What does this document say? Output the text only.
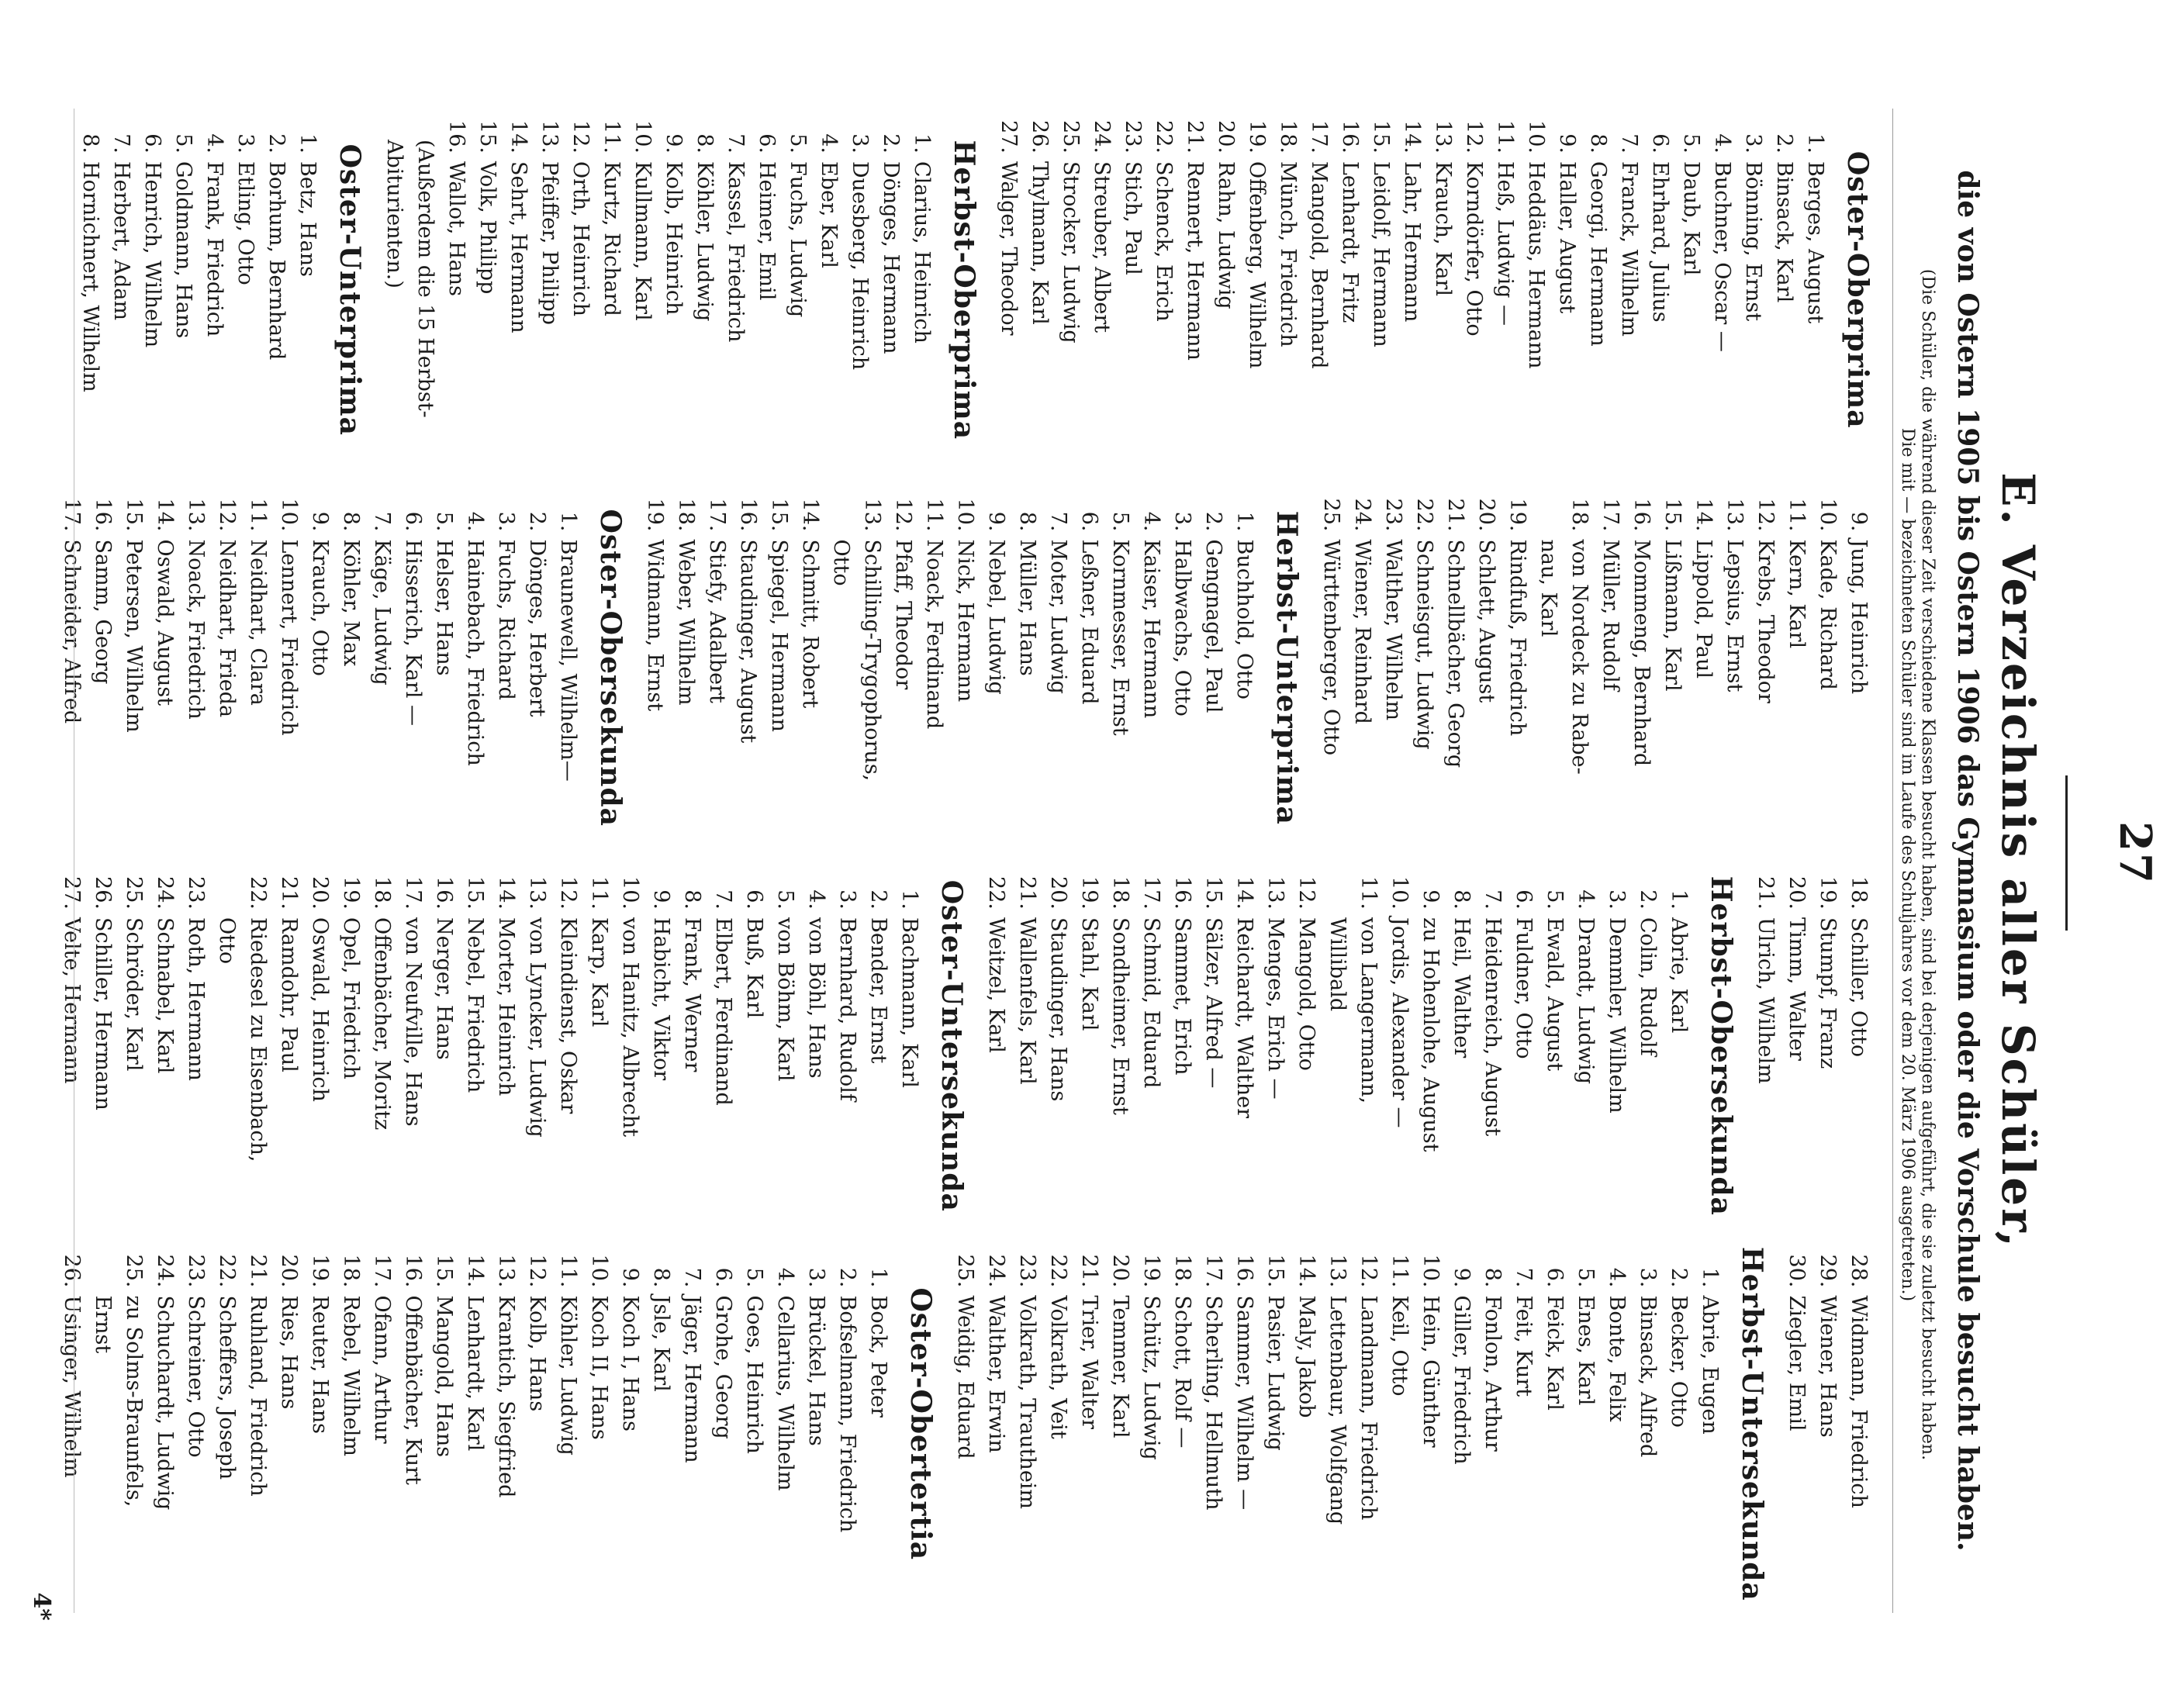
27
E. Verzeichnis aller Schüler,
die von Ostern 1905 bis Ostern 1906 das Gymnasium oder die Vorschule besucht haben.
(Die Schüler, die während dieser Zeit verschiedene Klassen besucht haben, sind bei derjenigen aufgeführt, die sie zuletzt besucht haben.
Die mit — bezeichneten Schüler sind im Laufe des Schuljahres vor dem 20. März 1906 ausgetreten.)
Oster-Oberprima
1.
Berges, August
2.
Binsack, Karl
3.
Bönning, Ernst
4.
Buchner, Oscar —
5.
Daub, Karl
6.
Ehrhard, Julius
7.
Franck, Wilhelm
8.
Georgi, Hermann
9.
Haller, August
10.
Heddäus, Hermann
11.
Heß, Ludwig —
12.
Korndörfer, Otto
13.
Krauch, Karl
14.
Lahr, Hermann
15.
Leidolf, Hermann
16.
Lenhardt, Fritz
17.
Mangold, Bernhard
18.
Münch, Friedrich
19.
Offenberg, Wilhelm
20.
Rahn, Ludwig
21.
Rennert, Hermann
22.
Schenck, Erich
23.
Stich, Paul
24.
Streuber, Albert
25.
Strocker, Ludwig
26.
Thylmann, Karl
27.
Walger, Theodor
Herbst-Oberprima
1.
Clarius, Heinrich
2.
Dönges, Hermann
3.
Duesberg, Heinrich
4.
Eber, Karl
5.
Fuchs, Ludwig
6.
Heimer, Emil
7.
Kassel, Friedrich
8.
Köhler, Ludwig
9.
Kolb, Heinrich
10.
Kullmann, Karl
11.
Kurtz, Richard
12.
Orth, Heinrich
13.
Pfeiffer, Philipp
14.
Sehrt, Hermann
15.
Volk, Philipp
16.
Wallot, Hans
(Außerdem die 15 Herbst-
Abiturienten.)
Oster-Unterprima
1.
Betz, Hans
2.
Borhum, Bernhard
3.
Etling, Otto
4.
Frank, Friedrich
5.
Goldmann, Hans
6.
Henrich, Wilhelm
7.
Herbert, Adam
8.
Hornichnert, Wilhelm
9.
Jung, Heinrich
10.
Kade, Richard
11.
Kern, Karl
12.
Krebs, Theodor
13.
Lepsius, Ernst
14.
Lippold, Paul
15.
Lißmann, Karl
16.
Mommeng, Bernhard
17.
Müller, Rudolf
18.
von Nordeck zu Rabe-
nau, Karl
19.
Rindfuß, Friedrich
20.
Schlett, August
21.
Schnellbächer, Georg
22.
Schneisgut, Ludwig
23.
Walther, Wilhelm
24.
Wiener, Reinhard
25.
Württenberger, Otto
Herbst-Unterprima
1.
Buchhold, Otto
2.
Gengnagel, Paul
3.
Halbwachs, Otto
4.
Kaiser, Hermann
5.
Kornmesser, Ernst
6.
Leßner, Eduard
7.
Moter, Ludwig
8.
Müller, Hans
9.
Nebel, Ludwig
10.
Nick, Hermann
11.
Noack, Ferdinand
12.
Pfaff, Theodor
13.
Schilling-Trygophorus,
Otto
14.
Schmitt, Robert
15.
Spiegel, Hermann
16.
Staudinger, August
17.
Stiefy, Adalbert
18.
Weber, Wilhelm
19.
Widmann, Ernst
Oster-Obersekunda
1.
Braunewell, Wilhelm—
2.
Dönges, Herbert
3.
Fuchs, Richard
4.
Hainebach, Friedrich
5.
Helser, Hans
6.
Hisserich, Karl —
7.
Käge, Ludwig
8.
Köhler, Max
9.
Krauch, Otto
10.
Lennert, Friedrich
11.
Neidhart, Clara
12.
Neidhart, Frieda
13.
Noack, Friedrich
14.
Oswald, August
15.
Petersen, Wilhelm
16.
Samm, Georg
17.
Schneider, Alfred
18.
Schiller, Otto
19.
Stumpf, Franz
20.
Timm, Walter
21.
Ulrich, Wilhelm
Herbst-Obersekunda
1.
Abrie, Karl
2.
Colin, Rudolf
3.
Demmler, Wilhelm
4.
Drandt, Ludwig
5.
Ewald, August
6.
Fuldner, Otto
7.
Heidenreich, August
8.
Heil, Walther
9.
zu Hohenlohe, August
10.
Jordis, Alexander —
11.
von Langermann,
Willibald
12.
Mangold, Otto
13.
Menges, Erich —
14.
Reichardt, Walther
15.
Sälzer, Alfred —
16.
Sammet, Erich
17.
Schmid, Eduard
18.
Sondheimer, Ernst
19.
Stahl, Karl
20.
Staudinger, Hans
21.
Wallenfels, Karl
22.
Weitzel, Karl
Oster-Untersekunda
1.
Bachmann, Karl
2.
Bender, Ernst
3.
Bernhard, Rudolf
4.
von Böhl, Hans
5.
von Böhm, Karl
6.
Buß, Karl
7.
Elbert, Ferdinand
8.
Frank, Werner
9.
Habicht, Viktor
10.
von Hanitz, Albrecht
11.
Karp, Karl
12.
Kleindienst, Oskar
13.
von Lyncker, Ludwig
14.
Morter, Heinrich
15.
Nebel, Friedrich
16.
Nerger, Hans
17.
von Neufville, Hans
18.
Offenbächer, Moritz
19.
Opel, Friedrich
20.
Oswald, Heinrich
21.
Ramdohr, Paul
22.
Riedesel zu Eisenbach,
Otto
23.
Roth, Hermann
24.
Schnabel, Karl
25.
Schröder, Karl
26.
Schiller, Hermann
27.
Velte, Hermann
28.
Widmann, Friedrich
29.
Wiener, Hans
30.
Ziegler, Emil
Herbst-Untersekunda
1.
Abrie, Eugen
2.
Becker, Otto
3.
Binsack, Alfred
4.
Bonte, Felix
5.
Enes, Karl
6.
Feick, Karl
7.
Feit, Kurt
8.
Fonlon, Arthur
9.
Giller, Friedrich
10.
Hein, Günther
11.
Keil, Otto
12.
Landmann, Friedrich
13.
Lettenbaur, Wolfgang
14.
Maly, Jakob
15.
Pasier, Ludwig
16.
Sammer, Wilhelm —
17.
Scherling, Hellmuth
18.
Schott, Rolf —
19.
Schütz, Ludwig
20.
Temmer, Karl
21.
Trier, Walter
22.
Volkrath, Veit
23.
Volkrath, Trautheim
24.
Walther, Erwin
25.
Weidig, Eduard
Oster-Obertertia
1.
Bock, Peter
2.
Bofselmann, Friedrich
3.
Brückel, Hans
4.
Cellarius, Wilhelm
5.
Goes, Heinrich
6.
Grohe, Georg
7.
Jäger, Hermann
8.
Jsle, Karl
9.
Koch I, Hans
10.
Koch II, Hans
11.
Köhler, Ludwig
12.
Kolb, Hans
13.
Krantich, Siegfried
14.
Lenhardt, Karl
15.
Mangold, Hans
16.
Offenbächer, Kurt
17.
Ofann, Arthur
18.
Rebel, Wilhelm
19.
Reuter, Hans
20.
Ries, Hans
21.
Ruhland, Friedrich
22.
Scheffers, Joseph
23.
Schreiner, Otto
24.
Schuchardt, Ludwig
25.
zu Solms-Braunfels,
Ernst
26.
Usinger, Wilhelm
4*
